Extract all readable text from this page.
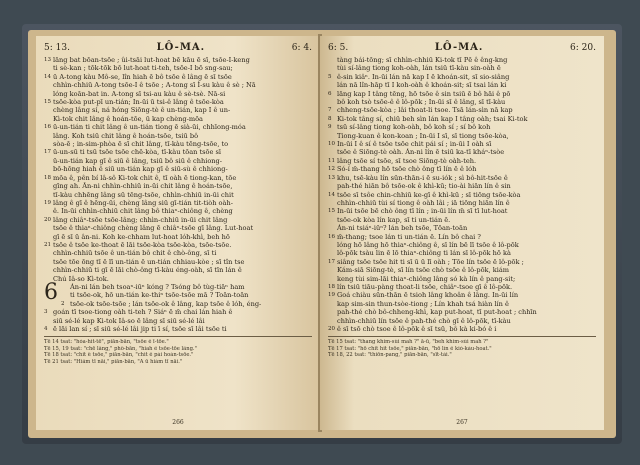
5: 13.	LÔ-MA.	6: 4.
13 lāng bat bōan-tsōe ; ûi-tsāi lut-hoat bē kāu ē sī, tsōe-I-keng
ti sè-kan ; tōk-tōk bō lut-hoat ti-teh, tsōe-I bō sng-sau;
14 ū A-tong kàu Mô-se, lîn hiah ē bô tsōe ê lâng ē sī tsōe
chhìn-chhiū A-tong tsōe-I ê tsōe ; A-tong sī Ì-su kàu ê sè ; Nā
lóng koān-bat in. A-tong sī tsi-au kàu ê sè-tsè. Nā-si
15 tsōe-kòa put-pī un-tián; In-ūi ū tsi-ê lâng ê tsōe-kòa
chèng lâng sí, ná hóng Siōng-tè ê un-tián, kap I ê un-
Kì-tok chit lâng ê hoán-tōe, ū kap chèng-mōa
16 ū-un-tián ti chit lâng ê un-tián tiong ē sià-ūi, chhīong-móa
lâng. Koh tsiū chit lâng ê hoán-tsōe, tsiū bô
sòa-ē ; in-sim-phòa ē sī chit lâng, tī-kàu tēng-tsōe, to
17 ū-un-sū ti tsū tsōe tsōe chē-kòa, tī-kàu tōan tsōe sī
ū-un-tián kap gī ê siū ê lâng, tsiū bô siū ê chhiong-
bō-hōng hiah ê siū un-tián kap gī ê siū-sù ê chhiong-
18 mōa ê, pên bí lâ-sô Ki-tok chit ê, tī oàh ē tiong-kan, tōe
gīng ah. Ân-ni chhìn-chhiū in-ūi chit lâng ê hoán-tsōe,
tī-kàu chhēng lâng sū tēng-tsōe, chhìn-chhiū in-ūi chit
19 lâng ê gī ê hēng-ūi, chèng lâng siū gī-tián tit-tiòh oàh-
ê. In-ūi chhìn-chhiū chit lâng bô thiaⁿ-chiông ê, chèng
20 lâng chiâⁿ-tsōe tsōe-lâng; chhìn-chhiū in-ūi chit lâng
tsōe ê thiaⁿ-chiông chèng lâng ē chiâⁿ-tsōe gī lâng. Lut-hoat
gī ē sī ū ân-ni. Koh ke-chham lut-hoat lóh-khì, beh hō
21 tsōe ê tsōe ke-thoat ē lāi tsōe-kòa tsōe-kòa, tsōe-tsōe.
chhìn-chhiū tsōe ê un-tián bô chit ê chò-ông, sī ti
tsōe tōe ōng tī ē lī un-tián ē un-tián chhiau-kòe ; sī tîn tse
chhìn-chhiū ti gī ē lāi chò-ông tī-kàu éng-oàh, sī tīn lán ê
Chú Iâ-so Kì-tok.
6	Án-ni lán beh tsoaⁿ-iūⁿ kóng ? Tsóng bô tùg-tiāⁿ ham
ti tsōe-ok, hō un-tián ke-thiⁿ tsōe-tsōe mā ? Toān-toān
2 tsōe-ok tsōe-tsōe ; lán tsōe-ok ê lâng, kap tsōe ê lóh, éng-
3 goán tī tsoe-tiong oàh ti-teh ? Siáⁿ ē m̄ chai lán hiah ê
siū sé-lé kap Ki-tok Iâ-so ē lâng sī siū sé-lé lâi
4 ē lāi lan sí ; sī siū sé-lé lâi jip ti ī sí, tsōe sī lâi tsōe ti
Tē 14 tsat: "hóa-hit-tē", piān-bān, "tsōe ê ī-tōe."
Tē 15, 19 tsat: "chē lâng," phô-bān, "hiah ê tsōe-tōe lâng."
Tē 18 tsat: "chit ê tsōe," piān-bān, "chit ê pái hoán-tsōe."
Tē 21 tsat: "Hiâm tī nāi," piān-bān, "Ā ū hiàm tī nāi."
266
6: 5.	LÔ-MA.	6: 20.
tàng bái-tōng; sī chhìn-chhiū Ki-tok tī Pē ê êng-kng
tùi sí-lâng tiong koh-oàh, lán tsiū tī-kàu sin-oàh ē
5 ê-sin kiâⁿ. In-ūi lán nā kap I ē khoán-sit, sī sio-siâng
lán nā lîn-hāp tī I koh-oàh ê khoán-sit; sī tsai lán ki
6 lāng kap I tâng tēng, hō tsōe ê sin tsiū ē bô hāi ê pō
bô koh tsò tsōe-ê ê lô-pōk ; In-ūi sī ê lâng, sī tī-kàu
7 chheng-tsōe-kòa ; lâi thoat-li tsoe. Tsā lán-sìn nā kap
8 Ki-tok tâng sí, chiū beh sìn lán kap I tâng oàh; tsai Ki-tok
9 tsū sí-lâng tiong koh-oàh, bô koh sí ; sí bô koh
Tiong-kuan ê kon-koan ; In-ūi I sī, sī tiong tsōe-kòa,
10 In-ūi I ê sí ê tsōe tsōe chit pái sí ; in-ūi I oàh sī
tsōe ê Siōng-tè oàh. Án-ni lín ē tsiū ka-tī kháⁿ-tsòe
11 lâng tsōe sí tsōe, sī tsoe Siōng-tè oàh-teh.
12 Só-í m̄-thang hō tsōe chò ông tī lín ē ê lóh
13 khu, tsē-kàu lín sūn-thān-i ē su-iók ; sì bô-hit-tsōe ê
pah-thé hiān bô tsōe-ok ê khì-kū; tio-ài hiān lín ê sin
14 tsōe sī tsôe chin-chhiū ke-gī ê khì-kū ; sī tiōng tsōe-kòa
chhìn-chhiū tùi sí tiong ê oàh lâi ; iā tiōng hiān lín ê
15 In-ūi tsōe bē chò ông tī lín ; in-ūi lín m̄ sī tī lut-hoat
tsōe-ok kòa lín kap, sī ti un-tián ē.
Án-ni tsiáⁿ-iūⁿ? lán beh tsōe, Tōan-toān
16 m̄-thang; tsoe lán ti un-tián ē. Lín bô chai ?
lóng hō lâng hō thiaⁿ-chiông ê, sī lín bē lī tsōe ê lô-pōk
lô-pōk tsàu lin ē lō thiaⁿ-chiông ti lán sī lô-pōk hō kà
17 siâng tsōe tsōe hit ti sī ū ū lī oàh ; Tōe lín tsōe ē lô-pōk ;
Kám-siā Siōng-tè, sī lín tsōe chò tsōe ê lô-pōk, kiám
keng tùi sim-lāi thiaⁿ-chiông lâng só kà lín ê pang-sit;
18 lín tsiū tiāu-pàng thoat-li tsōe, chiâⁿ-tsoe gī ê lô-pōk.
19 Goá chiàu sūn-thān ē tsioh lâng khoân ê lâng. In-ūi lín
kap sim-sin thun-tsòe-tiong ; Lín khah tsá hiàn lín ê
pah-thé chò bô-chheng-khì, kap put-hoat, tī put-hoat ; chhīn
chhìn-chhiū lín tsōe ê pah-thé chò gī ê lô-pōk, tī-kàu
20 ê sī tsō chò tsoe ê lô-pōk ê sī tsū, bô kà ki-bó ê i
Tē 15 tsat: "thang khim-sùi mah ?" ā-ū, "beh khim-sùi mah ?"
Tē 17 tsat: "hō chit hit tsōe," piān-bān, "hō lín ê kiò-kàu-hoat."
Tē 18, 22 tsat: "thiōn-pang," piān-bān, "sīt-tài."
267
